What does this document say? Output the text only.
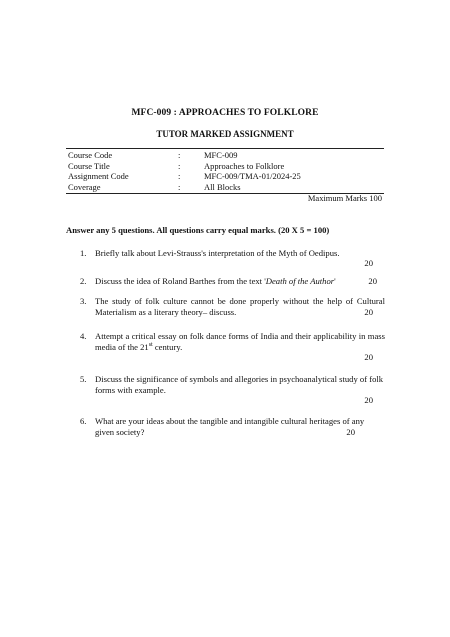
MFC-009 : APPROACHES TO FOLKLORE
TUTOR MARKED ASSIGNMENT
Course Code	:	MFC-009
Course Title	:	Approaches to Folklore
Assignment Code	:	MFC-009/TMA-01/2024-25
Coverage	:	All Blocks
Maximum Marks 100
Answer any 5 questions. All questions carry equal marks. (20 X 5 = 100)
1. Briefly talk about Levi-Strauss's interpretation of the Myth of Oedipus.
20
2. Discuss the idea of Roland Barthes from the text 'Death of the Author'	20
3. The study of folk culture cannot be done properly without the help of Cultural Materialism as a literary theory– discuss.	20
4. Attempt a critical essay on folk dance forms of India and their applicability in mass media of the 21st century.
20
5. Discuss the significance of symbols and allegories in psychoanalytical study of folk forms with example.
20
6. What are your ideas about the tangible and intangible cultural heritages of any given society?	20
